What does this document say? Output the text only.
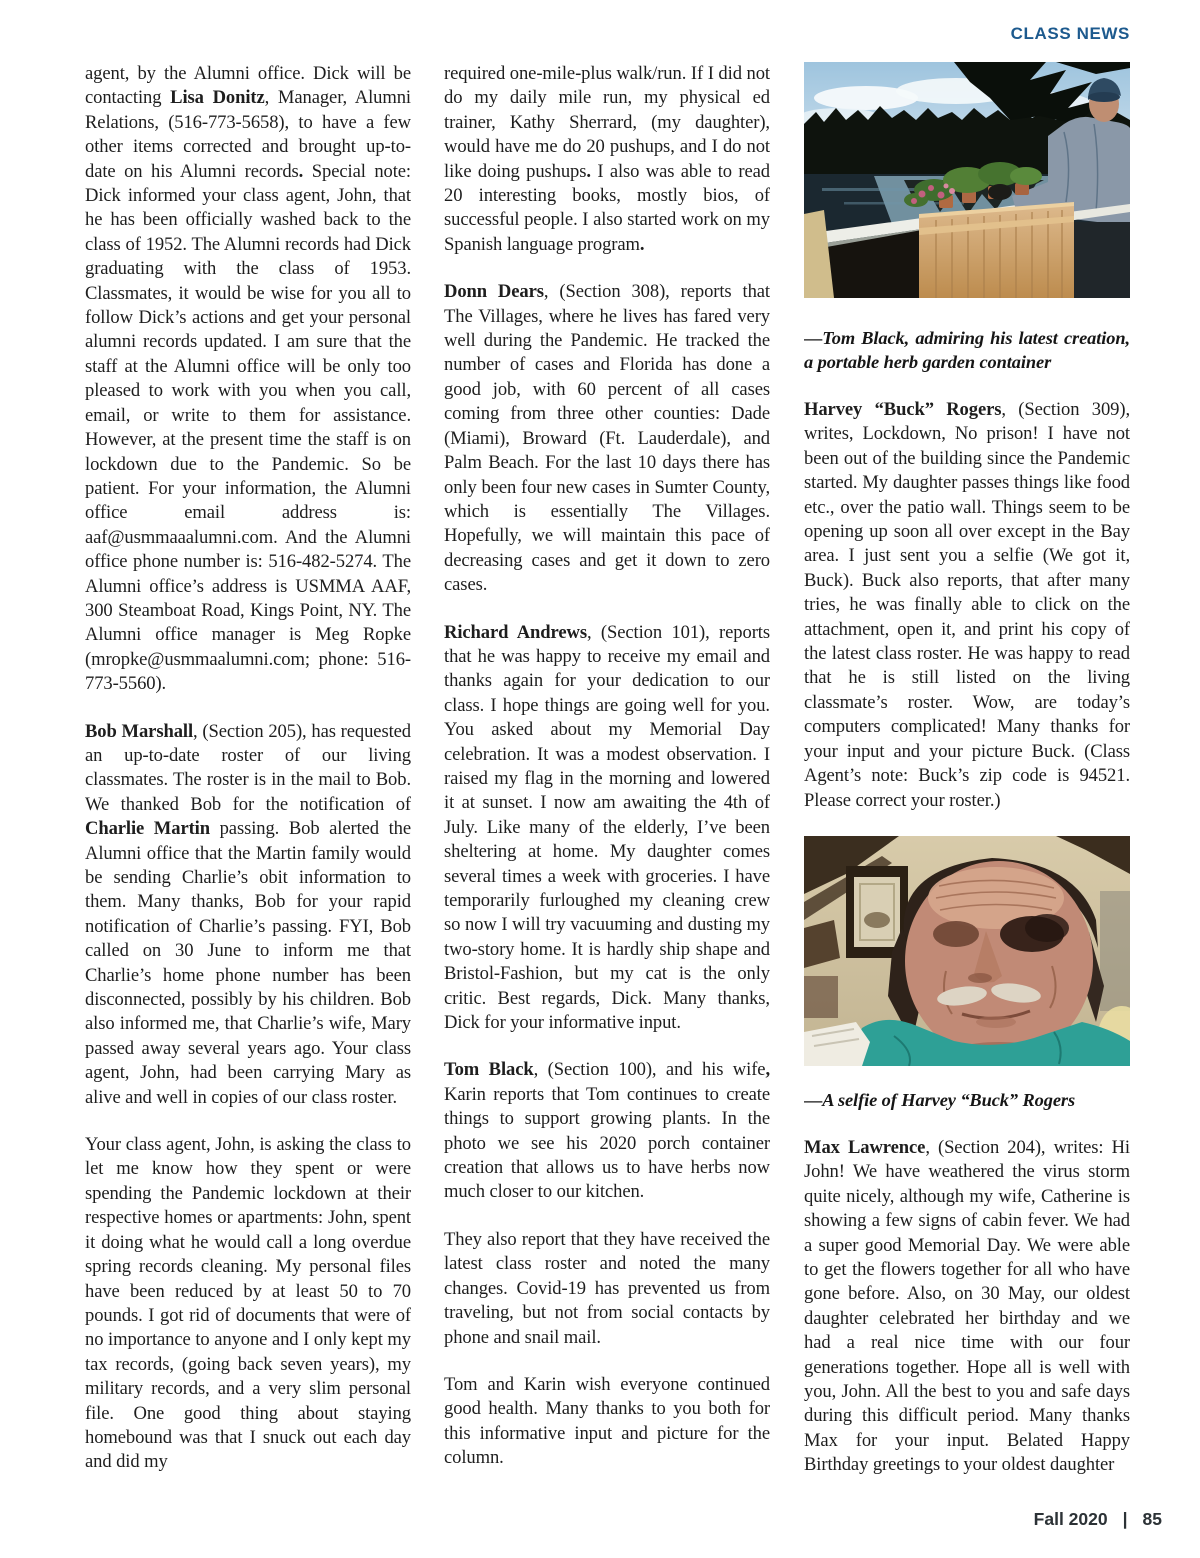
CLASS NEWS

agent, by the Alumni office. Dick will be contacting Lisa Donitz, Manager, Alumni Relations, (516-773-5658), to have a few other items corrected and brought up-to-date on his Alumni records. Special note: Dick informed your class agent, John, that he has been officially washed back to the class of 1952. The Alumni records had Dick graduating with the class of 1953. Classmates, it would be wise for you all to follow Dick’s actions and get your personal alumni records updated. I am sure that the staff at the Alumni office will be only too pleased to work with you when you call, email, or write to them for assistance. However, at the present time the staff is on lockdown due to the Pandemic. So be patient. For your information, the Alumni office email address is: aaf@usmmaaalumni.com. And the Alumni office phone number is: 516-482-5274. The Alumni office’s address is USMMA AAF, 300 Steamboat Road, Kings Point, NY. The Alumni office manager is Meg Ropke (mropke@usmmaalumni.com; phone: 516-773-5560).

Bob Marshall, (Section 205), has requested an up-to-date roster of our living classmates. The roster is in the mail to Bob. We thanked Bob for the notification of Charlie Martin passing. Bob alerted the Alumni office that the Martin family would be sending Charlie’s obit information to them. Many thanks, Bob for your rapid notification of Charlie’s passing. FYI, Bob called on 30 June to inform me that Charlie’s home phone number has been disconnected, possibly by his children. Bob also informed me, that Charlie’s wife, Mary passed away several years ago. Your class agent, John, had been carrying Mary as alive and well in copies of our class roster.

Your class agent, John, is asking the class to let me know how they spent or were spending the Pandemic lockdown at their respective homes or apartments: John, spent it doing what he would call a long overdue spring records cleaning. My personal files have been reduced by at least 50 to 70 pounds. I got rid of documents that were of no importance to anyone and I only kept my tax records, (going back seven years), my military records, and a very slim personal file. One good thing about staying homebound was that I snuck out each day and did my

required one-mile-plus walk/run. If I did not do my daily mile run, my physical ed trainer, Kathy Sherrard, (my daughter), would have me do 20 pushups, and I do not like doing pushups. I also was able to read 20 interesting books, mostly bios, of successful people. I also started work on my Spanish language program.

Donn Dears, (Section 308), reports that The Villages, where he lives has fared very well during the Pandemic. He tracked the number of cases and Florida has done a good job, with 60 percent of all cases coming from three other counties: Dade (Miami), Broward (Ft. Lauderdale), and Palm Beach. For the last 10 days there has only been four new cases in Sumter County, which is essentially The Villages. Hopefully, we will maintain this pace of decreasing cases and get it down to zero cases.

Richard Andrews, (Section 101), reports that he was happy to receive my email and thanks again for your dedication to our class. I hope things are going well for you. You asked about my Memorial Day celebration. It was a modest observation. I raised my flag in the morning and lowered it at sunset. I now am awaiting the 4th of July. Like many of the elderly, I’ve been sheltering at home. My daughter comes several times a week with groceries. I have temporarily furloughed my cleaning crew so now I will try vacuuming and dusting my two-story home. It is hardly ship shape and Bristol-Fashion, but my cat is the only critic. Best regards, Dick. Many thanks, Dick for your informative input.

Tom Black, (Section 100), and his wife, Karin reports that Tom continues to create things to support growing plants. In the photo we see his 2020 porch container creation that allows us to have herbs now much closer to our kitchen.

They also report that they have received the latest class roster and noted the many changes. Covid-19 has prevented us from traveling, but not from social contacts by phone and snail mail.

Tom and Karin wish everyone continued good health. Many thanks to you both for this informative input and picture for the column.

—Tom Black, admiring his latest creation, a portable herb garden container

Harvey “Buck” Rogers, (Section 309), writes, Lockdown, No prison! I have not been out of the building since the Pandemic started. My daughter passes things like food etc., over the patio wall. Things seem to be opening up soon all over except in the Bay area. I just sent you a selfie (We got it, Buck). Buck also reports, that after many tries, he was finally able to click on the attachment, open it, and print his copy of the latest class roster. He was happy to read that he is still listed on the living classmate’s roster. Wow, are today’s computers complicated! Many thanks for your input and your picture Buck. (Class Agent’s note: Buck’s zip code is 94521. Please correct your roster.)

—A selfie of Harvey “Buck” Rogers

Max Lawrence, (Section 204), writes: Hi John! We have weathered the virus storm quite nicely, although my wife, Catherine is showing a few signs of cabin fever. We had a super good Memorial Day. We were able to get the flowers together for all who have gone before. Also, on 30 May, our oldest daughter celebrated her birthday and we had a real nice time with our four generations together. Hope all is well with you, John. All the best to you and safe days during this difficult period. Many thanks Max for your input. Belated Happy Birthday greetings to your oldest daughter

Fall 2020 | 85
